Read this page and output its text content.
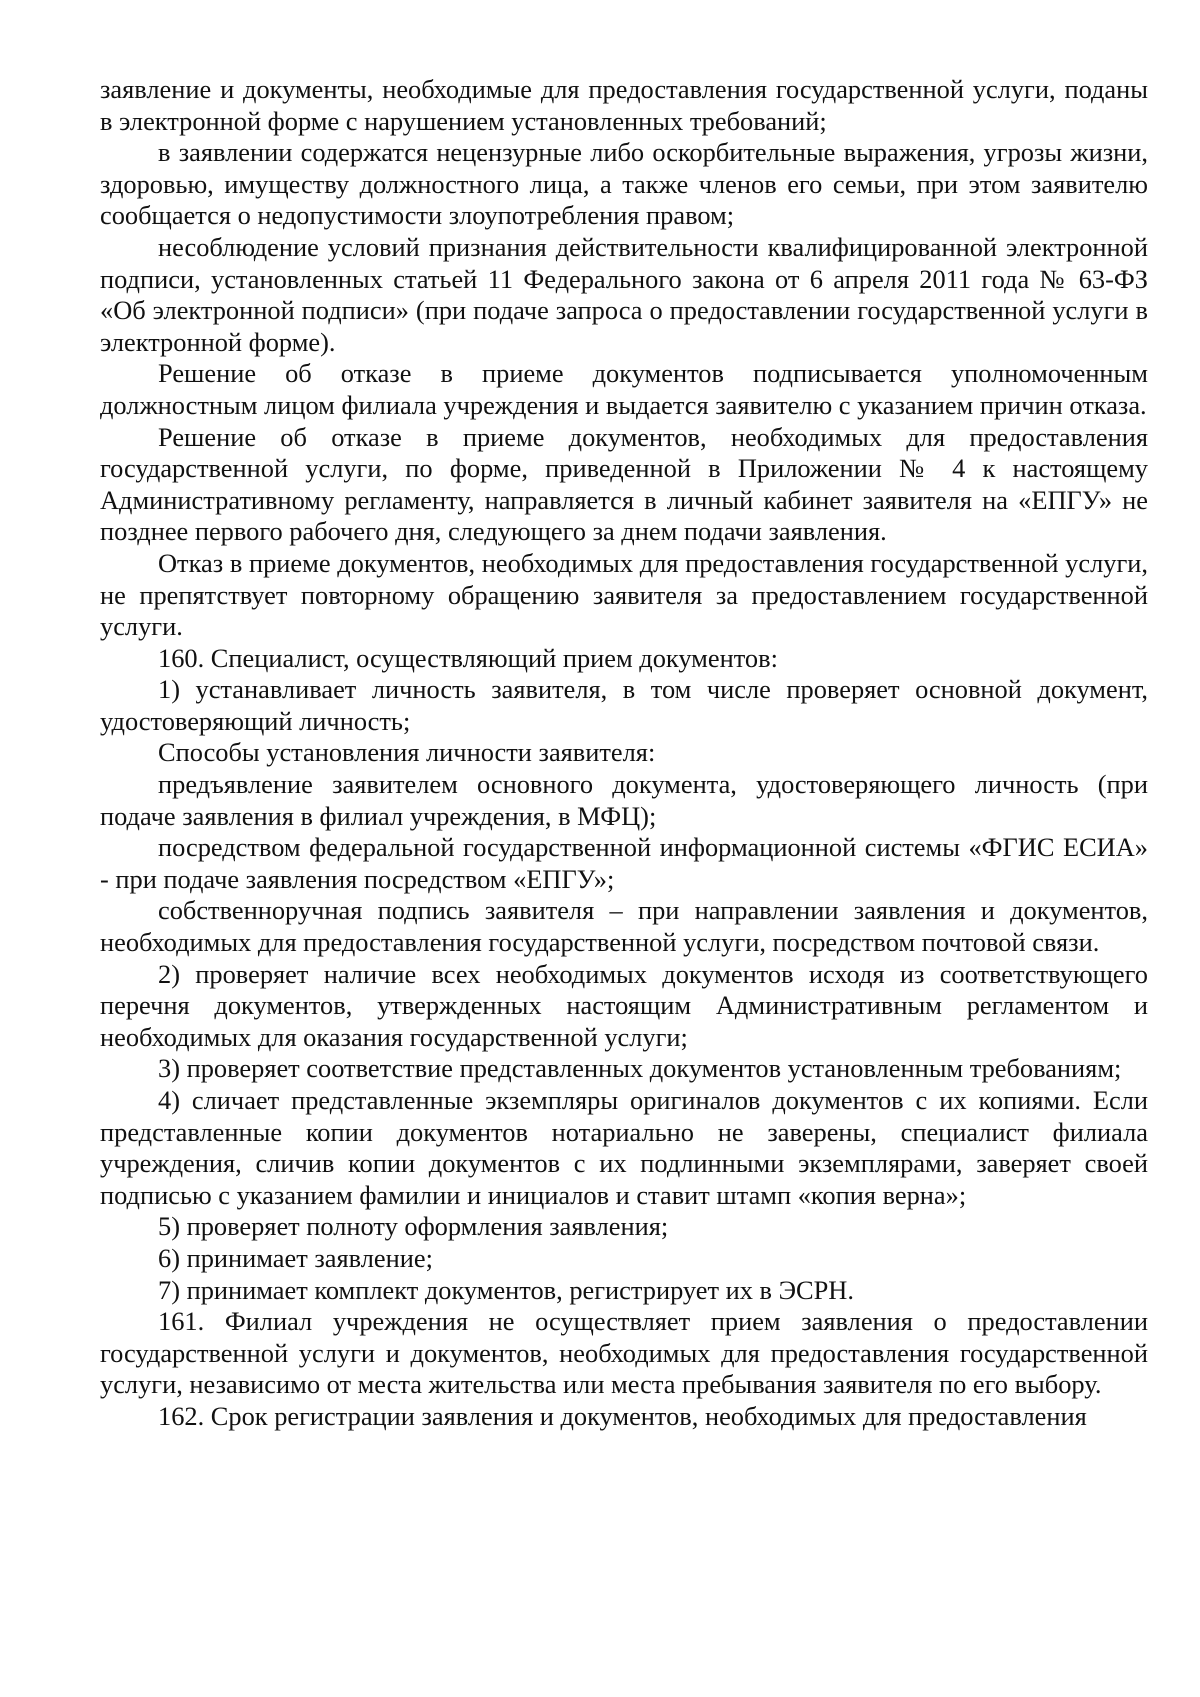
заявление и документы, необходимые для предоставления государственной услуги, поданы в электронной форме с нарушением установленных требований;

в заявлении содержатся нецензурные либо оскорбительные выражения, угрозы жизни, здоровью, имуществу должностного лица, а также членов его семьи, при этом заявителю сообщается о недопустимости злоупотребления правом;

несоблюдение условий признания действительности квалифицированной электронной подписи, установленных статьей 11 Федерального закона от 6 апреля 2011 года № 63-ФЗ «Об электронной подписи» (при подаче запроса о предоставлении государственной услуги в электронной форме).

Решение об отказе в приеме документов подписывается уполномоченным должностным лицом филиала учреждения и выдается заявителю с указанием причин отказа.

Решение об отказе в приеме документов, необходимых для предоставления государственной услуги, по форме, приведенной в Приложении № 4 к настоящему Административному регламенту, направляется в личный кабинет заявителя на «ЕПГУ» не позднее первого рабочего дня, следующего за днем подачи заявления.

Отказ в приеме документов, необходимых для предоставления государственной услуги, не препятствует повторному обращению заявителя за предоставлением государственной услуги.

160. Специалист, осуществляющий прием документов:

1) устанавливает личность заявителя, в том числе проверяет основной документ, удостоверяющий личность;

Способы установления личности заявителя:

предъявление заявителем основного документа, удостоверяющего личность (при подаче заявления в филиал учреждения, в МФЦ);

посредством федеральной государственной информационной системы «ФГИС ЕСИА» - при подаче заявления посредством «ЕПГУ»;

собственноручная подпись заявителя – при направлении заявления и документов, необходимых для предоставления государственной услуги, посредством почтовой связи.

2) проверяет наличие всех необходимых документов исходя из соответствующего перечня документов, утвержденных настоящим Административным регламентом и необходимых для оказания государственной услуги;

3) проверяет соответствие представленных документов установленным требованиям;

4) сличает представленные экземпляры оригиналов документов с их копиями. Если представленные копии документов нотариально не заверены, специалист филиала учреждения, сличив копии документов с их подлинными экземплярами, заверяет своей подписью с указанием фамилии и инициалов и ставит штамп «копия верна»;

5) проверяет полноту оформления заявления;

6) принимает заявление;

7) принимает комплект документов, регистрирует их в ЭСРН.

161. Филиал учреждения не осуществляет прием заявления о предоставлении государственной услуги и документов, необходимых для предоставления государственной услуги, независимо от места жительства или места пребывания заявителя по его выбору.

162. Срок регистрации заявления и документов, необходимых для предоставления
